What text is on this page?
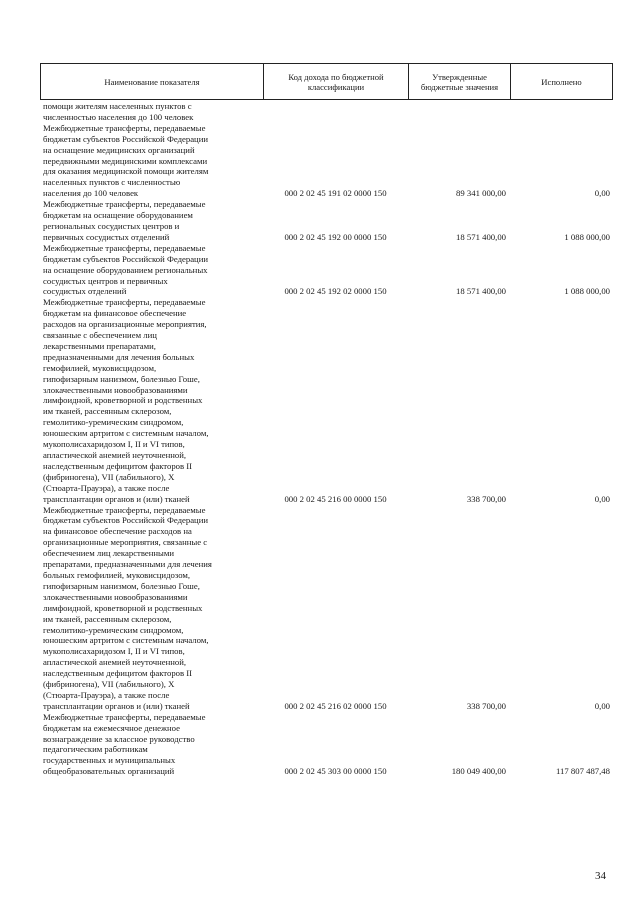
Наименование показателя	Код дохода по бюджетной классификации	Утвержденные бюджетные значения	Исполнено
помощи жителям населенных пунктов с
численностью населения до 100 человек
Межбюджетные трансферты, передаваемые
бюджетам субъектов Российской Федерации
на оснащение медицинских организаций
передвижными медицинскими комплексами
для оказания медицинской помощи жителям
населенных пунктов с численностью
населения до 100 человек	000 2 02 45 191 02 0000 150	89 341 000,00	0,00
Межбюджетные трансферты, передаваемые
бюджетам на оснащение оборудованием
региональных сосудистых центров и
первичных сосудистых отделений	000 2 02 45 192 00 0000 150	18 571 400,00	1 088 000,00
Межбюджетные трансферты, передаваемые
бюджетам субъектов Российской Федерации
на оснащение оборудованием региональных
сосудистых центров и первичных
сосудистых отделений	000 2 02 45 192 02 0000 150	18 571 400,00	1 088 000,00
Межбюджетные трансферты, передаваемые
бюджетам на финансовое обеспечение
расходов на организационные мероприятия,
связанные с обеспечением лиц
лекарственными препаратами,
предназначенными для лечения больных
гемофилией, муковисцидозом,
гипофизарным нанизмом, болезнью Гоше,
злокачественными новообразованиями
лимфоидной, кроветворной и родственных
им тканей, рассеянным склерозом,
гемолитико-уремическим синдромом,
юношеским артритом с системным началом,
мукополисахаридозом I, II и VI типов,
апластической анемией неуточненной,
наследственным дефицитом факторов II
(фибриногена), VII (лабильного), X
(Стюарта-Прауэра), а также после
трансплантации органов и (или) тканей	000 2 02 45 216 00 0000 150	338 700,00	0,00
Межбюджетные трансферты, передаваемые
бюджетам субъектов Российской Федерации
на финансовое обеспечение расходов на
организационные мероприятия, связанные с
обеспечением лиц лекарственными
препаратами, предназначенными для лечения
больных гемофилией, муковисцидозом,
гипофизарным нанизмом, болезнью Гоше,
злокачественными новообразованиями
лимфоидной, кроветворной и родственных
им тканей, рассеянным склерозом,
гемолитико-уремическим синдромом,
юношеским артритом с системным началом,
мукополисахаридозом I, II и VI типов,
апластической анемией неуточненной,
наследственным дефицитом факторов II
(фибриногена), VII (лабильного), X
(Стюарта-Прауэра), а также после
трансплантации органов и (или) тканей	000 2 02 45 216 02 0000 150	338 700,00	0,00
Межбюджетные трансферты, передаваемые
бюджетам на ежемесячное денежное
вознаграждение за классное руководство
педагогическим работникам
государственных и муниципальных
общеобразовательных организаций	000 2 02 45 303 00 0000 150	180 049 400,00	117 807 487,48
34
